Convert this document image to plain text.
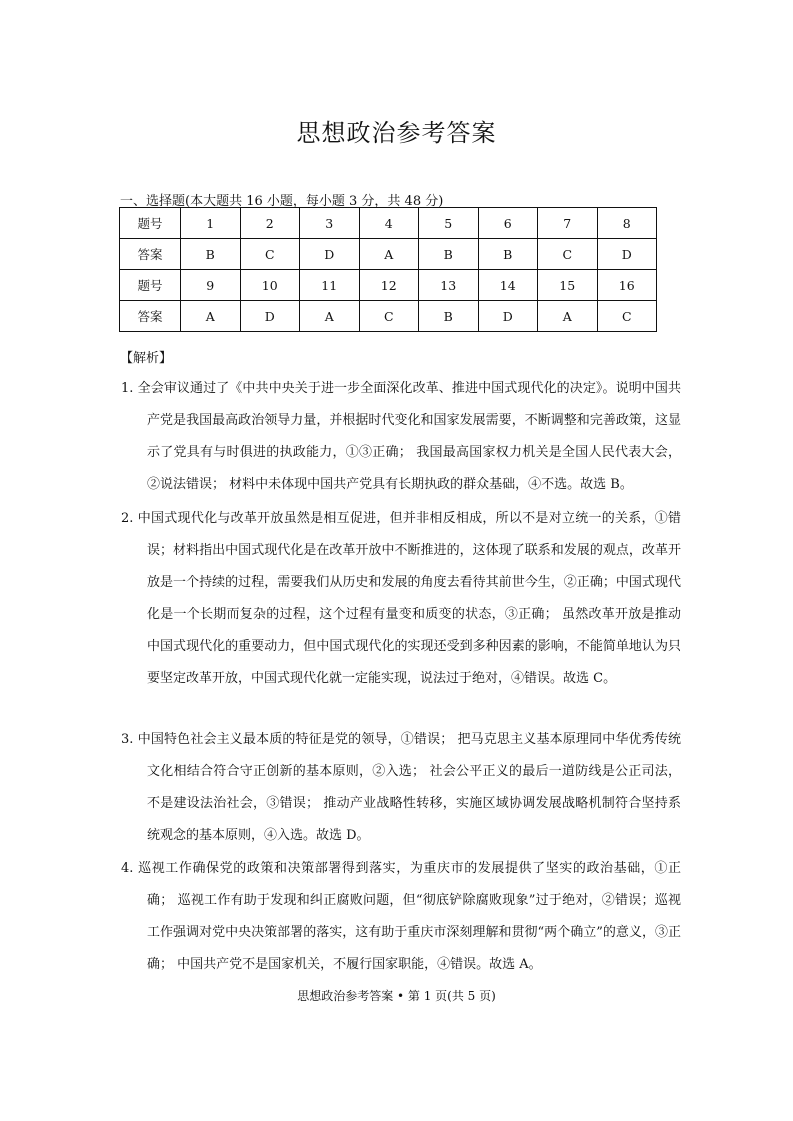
思想政治参考答案

一、选择题(本大题共 16 小题，每小题 3 分，共 48 分)

题号	1	2	3	4	5	6	7	8
答案	B	C	D	A	B	B	C	D
题号	9	10	11	12	13	14	15	16
答案	A	D	A	C	B	D	A	C

【解析】

1. 全会审议通过了《中共中央关于进一步全面深化改革、推进中国式现代化的决定》。说明中国共产党是我国最高政治领导力量，并根据时代变化和国家发展需要，不断调整和完善政策，这显示了党具有与时俱进的执政能力，①③正确； 我国最高国家权力机关是全国人民代表大会，②说法错误； 材料中未体现中国共产党具有长期执政的群众基础，④不选。故选 B。

2. 中国式现代化与改革开放虽然是相互促进，但并非相反相成，所以不是对立统一的关系，①错误；材料指出中国式现代化是在改革开放中不断推进的，这体现了联系和发展的观点，改革开放是一个持续的过程，需要我们从历史和发展的角度去看待其前世今生，②正确；中国式现代化是一个长期而复杂的过程，这个过程有量变和质变的状态，③正确； 虽然改革开放是推动中国式现代化的重要动力，但中国式现代化的实现还受到多种因素的影响，不能简单地认为只要坚定改革开放，中国式现代化就一定能实现，说法过于绝对，④错误。故选 C。

3. 中国特色社会主义最本质的特征是党的领导，①错误； 把马克思主义基本原理同中华优秀传统文化相结合符合守正创新的基本原则，②入选； 社会公平正义的最后一道防线是公正司法，不是建设法治社会，③错误； 推动产业战略性转移，实施区域协调发展战略机制符合坚持系统观念的基本原则，④入选。故选 D。

4. 巡视工作确保党的政策和决策部署得到落实，为重庆市的发展提供了坚实的政治基础，①正确； 巡视工作有助于发现和纠正腐败问题，但“彻底铲除腐败现象”过于绝对，②错误；巡视工作强调对党中央决策部署的落实，这有助于重庆市深刻理解和贯彻“两个确立”的意义，③正确； 中国共产党不是国家机关，不履行国家职能，④错误。故选 A。

思想政治参考答案 • 第 1 页(共 5 页)
